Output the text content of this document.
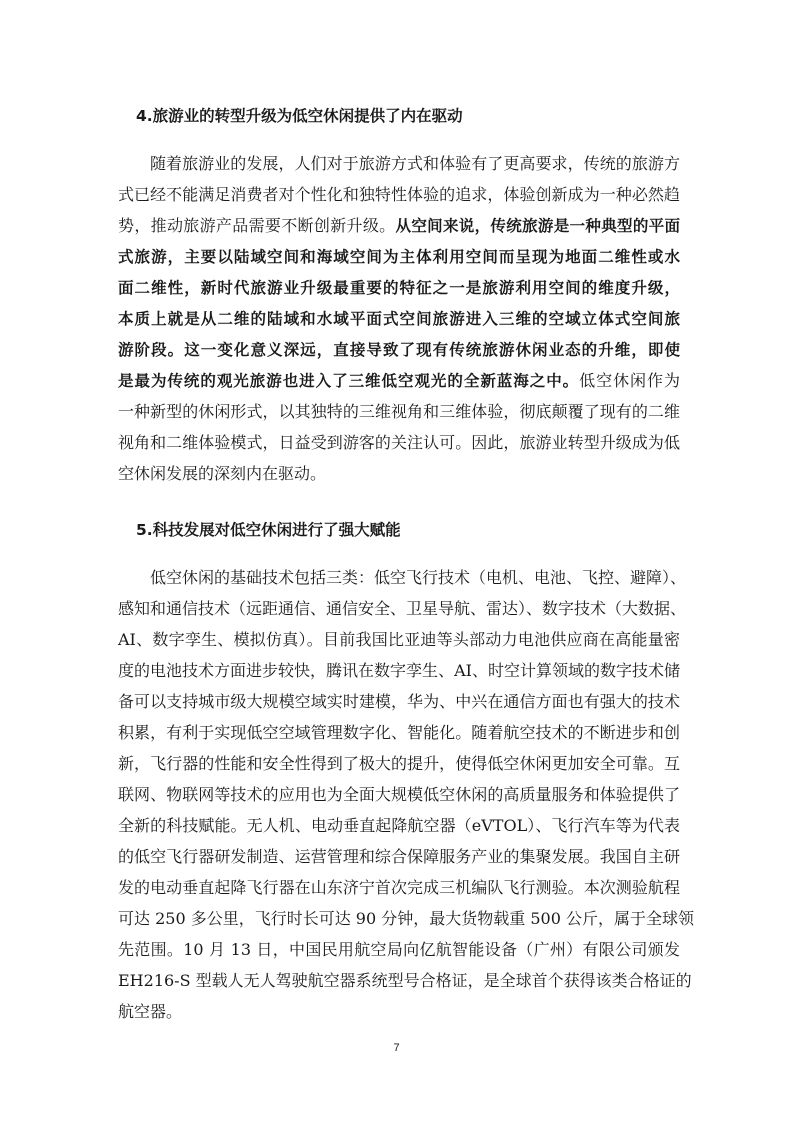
4.旅游业的转型升级为低空休闲提供了内在驱动
随着旅游业的发展，人们对于旅游方式和体验有了更高要求，传统的旅游方
式已经不能满足消费者对个性化和独特性体验的追求，体验创新成为一种必然趋
势，推动旅游产品需要不断创新升级。从空间来说，传统旅游是一种典型的平面
式旅游，主要以陆域空间和海域空间为主体利用空间而呈现为地面二维性或水
面二维性，新时代旅游业升级最重要的特征之一是旅游利用空间的维度升级，
本质上就是从二维的陆域和水域平面式空间旅游进入三维的空域立体式空间旅
游阶段。这一变化意义深远，直接导致了现有传统旅游休闲业态的升维，即使
是最为传统的观光旅游也进入了三维低空观光的全新蓝海之中。低空休闲作为
一种新型的休闲形式，以其独特的三维视角和三维体验，彻底颠覆了现有的二维
视角和二维体验模式，日益受到游客的关注认可。因此，旅游业转型升级成为低
空休闲发展的深刻内在驱动。
5.科技发展对低空休闲进行了强大赋能
低空休闲的基础技术包括三类：低空飞行技术（电机、电池、飞控、避障）、
感知和通信技术（远距通信、通信安全、卫星导航、雷达）、数字技术（大数据、
AI、数字孪生、模拟仿真）。目前我国比亚迪等头部动力电池供应商在高能量密
度的电池技术方面进步较快，腾讯在数字孪生、AI、时空计算领域的数字技术储
备可以支持城市级大规模空域实时建模，华为、中兴在通信方面也有强大的技术
积累，有利于实现低空空域管理数字化、智能化。随着航空技术的不断进步和创
新，飞行器的性能和安全性得到了极大的提升，使得低空休闲更加安全可靠。互
联网、物联网等技术的应用也为全面大规模低空休闲的高质量服务和体验提供了
全新的科技赋能。无人机、电动垂直起降航空器（eVTOL）、飞行汽车等为代表
的低空飞行器研发制造、运营管理和综合保障服务产业的集聚发展。我国自主研
发的电动垂直起降飞行器在山东济宁首次完成三机编队飞行测验。本次测验航程
可达 250 多公里，飞行时长可达 90 分钟，最大货物载重 500 公斤，属于全球领
先范围。10 月 13 日，中国民用航空局向亿航智能设备（广州）有限公司颁发
EH216-S 型载人无人驾驶航空器系统型号合格证，是全球首个获得该类合格证的
航空器。
7
